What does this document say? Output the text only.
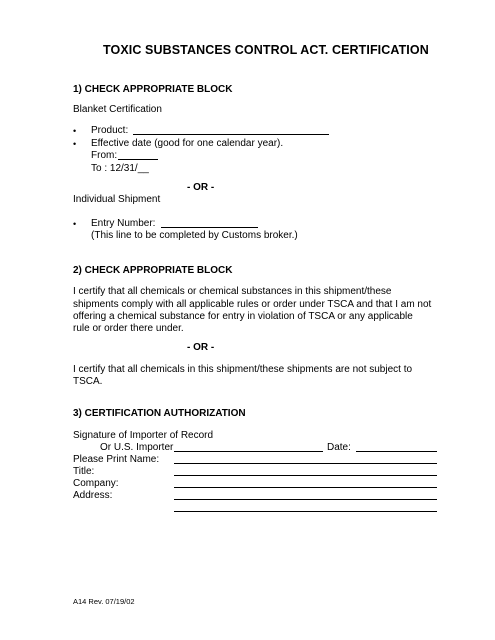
TOXIC SUBSTANCES CONTROL ACT. CERTIFICATION
1) CHECK APPROPRIATE BLOCK
Blanket Certification
• Product:
• Effective date (good for one calendar year).
From:
To : 12/31/__
- OR -
Individual Shipment
• Entry Number:
(This line to be completed by Customs broker.)
2) CHECK APPROPRIATE BLOCK
I certify that all chemicals or chemical substances in this shipment/these
shipments comply with all applicable rules or order under TSCA and that I am not
offering a chemical substance for entry in violation of TSCA or any applicable
rule or order there under.
- OR -
I certify that all chemicals in this shipment/these shipments are not subject to
TSCA.
3) CERTIFICATION AUTHORIZATION
Signature of Importer of Record
Or U.S. Importer	Date:
Please Print Name:
Title:
Company:
Address:
A14 Rev. 07/19/02
